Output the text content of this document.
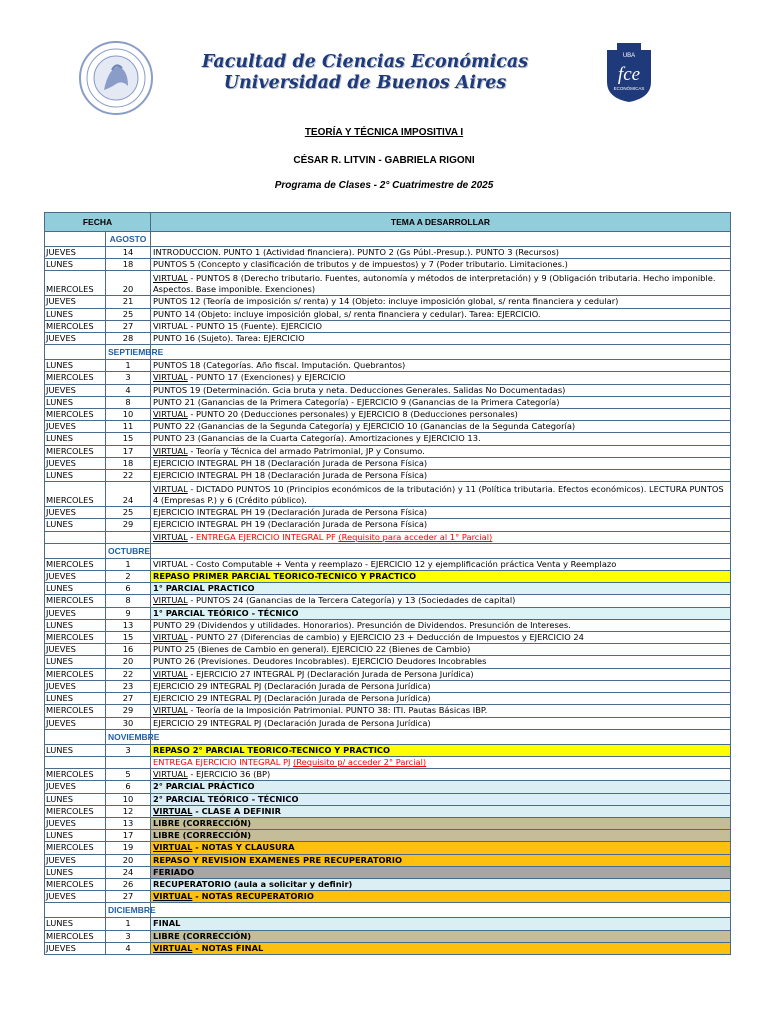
Facultad de Ciencias Económicas
Universidad de Buenos Aires
UBA
fce
ECONÓMICAS
TEORÍA Y TÉCNICA IMPOSITIVA I
CÉSAR R. LITVIN - GABRIELA RIGONI
Programa de Clases - 2° Cuatrimestre de 2025
FECHA		TEMA A DESARROLLAR
	AGOSTO	
JUEVES	14	INTRODUCCION. PUNTO 1 (Actividad financiera). PUNTO 2 (Gs Públ.-Presup.). PUNTO 3 (Recursos)
LUNES	18	PUNTOS 5 (Concepto y clasificación de tributos y de impuestos) y 7 (Poder tributario. Limitaciones.)
MIERCOLES	20	VIRTUAL - PUNTOS 8 (Derecho tributario. Fuentes, autonomía y métodos de interpretación) y 9 (Obligación tributaria. Hecho imponible. Aspectos. Base imponible. Exenciones)
JUEVES	21	PUNTOS 12 (Teoría de imposición s/ renta) y 14 (Objeto: incluye imposición global, s/ renta financiera y cedular)
LUNES	25	PUNTO 14 (Objeto: incluye imposición global, s/ renta financiera y cedular). Tarea: EJERCICIO.
MIERCOLES	27	VIRTUAL - PUNTO 15 (Fuente). EJERCICIO
JUEVES	28	PUNTO 16 (Sujeto). Tarea: EJERCICIO
	SEPTIEMBRE	
LUNES	1	PUNTOS 18 (Categorías. Año fiscal. Imputación. Quebrantos)
MIERCOLES	3	VIRTUAL - PUNTO 17 (Exenciones) y EJERCICIO
JUEVES	4	PUNTOS 19 (Determinación. Gcia bruta y neta. Deducciones Generales. Salidas No Documentadas)
LUNES	8	PUNTO 21 (Ganancias de la Primera Categoría) - EJERCICIO 9 (Ganancias de la Primera Categoría)
MIERCOLES	10	VIRTUAL - PUNTO 20 (Deducciones personales) y EJERCICIO 8 (Deducciones personales)
JUEVES	11	PUNTO 22 (Ganancias de la Segunda Categoría) y EJERCICIO 10 (Ganancias de la Segunda Categoría)
LUNES	15	PUNTO 23 (Ganancias de la Cuarta Categoría). Amortizaciones y EJERCICIO 13.
MIERCOLES	17	VIRTUAL - Teoría y Técnica del armado Patrimonial, JP y Consumo.
JUEVES	18	EJERCICIO INTEGRAL PH 18 (Declaración Jurada de Persona Física)
LUNES	22	EJERCICIO INTEGRAL PH 18 (Declaración Jurada de Persona Física)
MIERCOLES	24	VIRTUAL - DICTADO PUNTOS 10 (Principios económicos de la tributación) y 11 (Política tributaria. Efectos económicos). LECTURA PUNTOS 4 (Empresas P.) y 6 (Crédito público).
JUEVES	25	EJERCICIO INTEGRAL PH 19 (Declaración Jurada de Persona Física)
LUNES	29	EJERCICIO INTEGRAL PH 19 (Declaración Jurada de Persona Física)
		VIRTUAL - ENTREGA EJERCICIO INTEGRAL PF (Requisito para acceder al 1° Parcial)
	OCTUBRE	
MIERCOLES	1	VIRTUAL - Costo Computable + Venta y reemplazo - EJERCICIO 12 y ejemplificación práctica Venta y Reemplazo
JUEVES	2	REPASO PRIMER PARCIAL TEORICO-TECNICO Y PRACTICO
LUNES	6	1° PARCIAL PRACTICO
MIERCOLES	8	VIRTUAL - PUNTOS 24 (Ganancias de la Tercera Categoría) y 13 (Sociedades de capital)
JUEVES	9	1° PARCIAL TEÓRICO - TÉCNICO
LUNES	13	PUNTO 29 (Dividendos y utilidades. Honorarios). Presunción de Dividendos. Presunción de Intereses.
MIERCOLES	15	VIRTUAL - PUNTO 27 (Diferencias de cambio) y EJERCICIO 23 + Deducción de Impuestos y EJERCICIO 24
JUEVES	16	PUNTO 25 (Bienes de Cambio en general). EJERCICIO 22 (Bienes de Cambio)
LUNES	20	PUNTO 26 (Previsiones. Deudores Incobrables). EJERCICIO Deudores Incobrables
MIERCOLES	22	VIRTUAL - EJERCICIO 27 INTEGRAL PJ (Declaración Jurada de Persona Jurídica)
JUEVES	23	EJERCICIO 29 INTEGRAL PJ (Declaración Jurada de Persona Jurídica)
LUNES	27	EJERCICIO 29 INTEGRAL PJ (Declaración Jurada de Persona Jurídica)
MIERCOLES	29	VIRTUAL - Teoría de la Imposición Patrimonial. PUNTO 38: ITI. Pautas Básicas IBP.
JUEVES	30	EJERCICIO 29 INTEGRAL PJ (Declaración Jurada de Persona Jurídica)
	NOVIEMBRE	
LUNES	3	REPASO 2° PARCIAL TEORICO-TECNICO Y PRACTICO
		ENTREGA EJERCICIO INTEGRAL PJ (Requisito p/ acceder 2° Parcial)
MIERCOLES	5	VIRTUAL - EJERCICIO 36 (BP)
JUEVES	6	2° PARCIAL PRÁCTICO
LUNES	10	2° PARCIAL TEÓRICO - TÉCNICO
MIERCOLES	12	VIRTUAL - CLASE A DEFINIR
JUEVES	13	LIBRE (CORRECCIÓN)
LUNES	17	LIBRE (CORRECCIÓN)
MIERCOLES	19	VIRTUAL - NOTAS Y CLAUSURA
JUEVES	20	REPASO Y REVISION EXAMENES PRE RECUPERATORIO
LUNES	24	FERIADO
MIERCOLES	26	RECUPERATORIO (aula a solicitar y definir)
JUEVES	27	VIRTUAL - NOTAS RECUPERATORIO
	DICIEMBRE	
LUNES	1	FINAL
MIERCOLES	3	LIBRE (CORRECCIÓN)
JUEVES	4	VIRTUAL - NOTAS FINAL
